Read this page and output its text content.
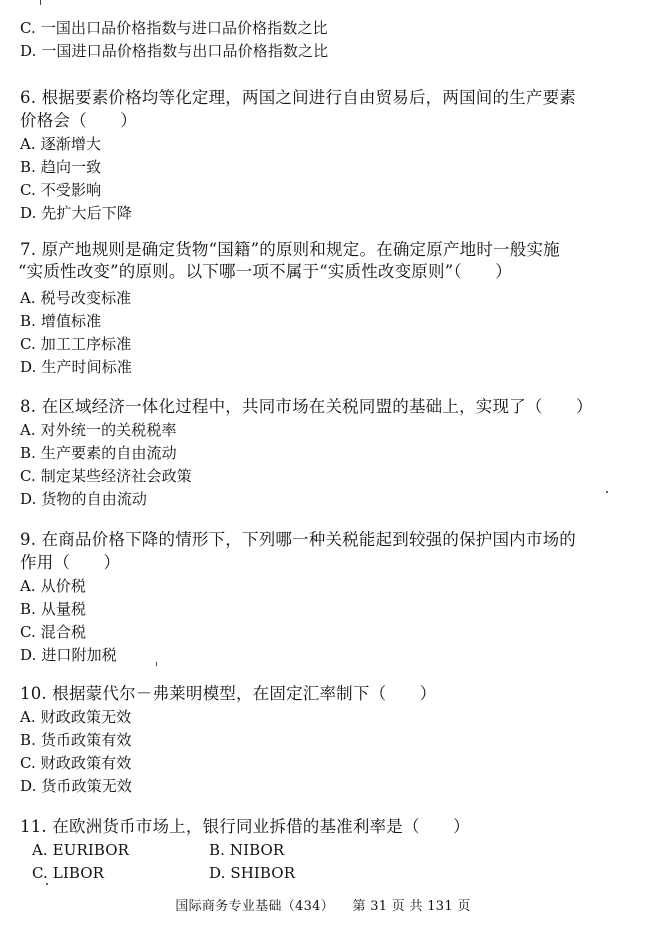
C. 一国出口品价格指数与进口品价格指数之比
D. 一国进口品价格指数与出口品价格指数之比
6. 根据要素价格均等化定理，两国之间进行自由贸易后，两国间的生产要素
价格会（　　）
A. 逐渐增大
B. 趋向一致
C. 不受影响
D. 先扩大后下降
7. 原产地规则是确定货物“国籍”的原则和规定。在确定原产地时一般实施
“实质性改变”的原则。以下哪一项不属于“实质性改变原则”（　　）
A. 税号改变标准
B. 增值标准
C. 加工工序标准
D. 生产时间标准
8. 在区域经济一体化过程中，共同市场在关税同盟的基础上，实现了（　　）
A. 对外统一的关税税率
B. 生产要素的自由流动
C. 制定某些经济社会政策
D. 货物的自由流动
9. 在商品价格下降的情形下，下列哪一种关税能起到较强的保护国内市场的
作用（　　）
A. 从价税
B. 从量税
C. 混合税
D. 进口附加税
10. 根据蒙代尔－弗莱明模型，在固定汇率制下（　　）
A. 财政政策无效
B. 货币政策有效
C. 财政政策有效
D. 货币政策无效
11. 在欧洲货币市场上，银行同业拆借的基准利率是（　　）
A. EURIBOR	B. NIBOR
C. LIBOR	D. SHIBOR
国际商务专业基础（434） 第 31 页 共 131 页
